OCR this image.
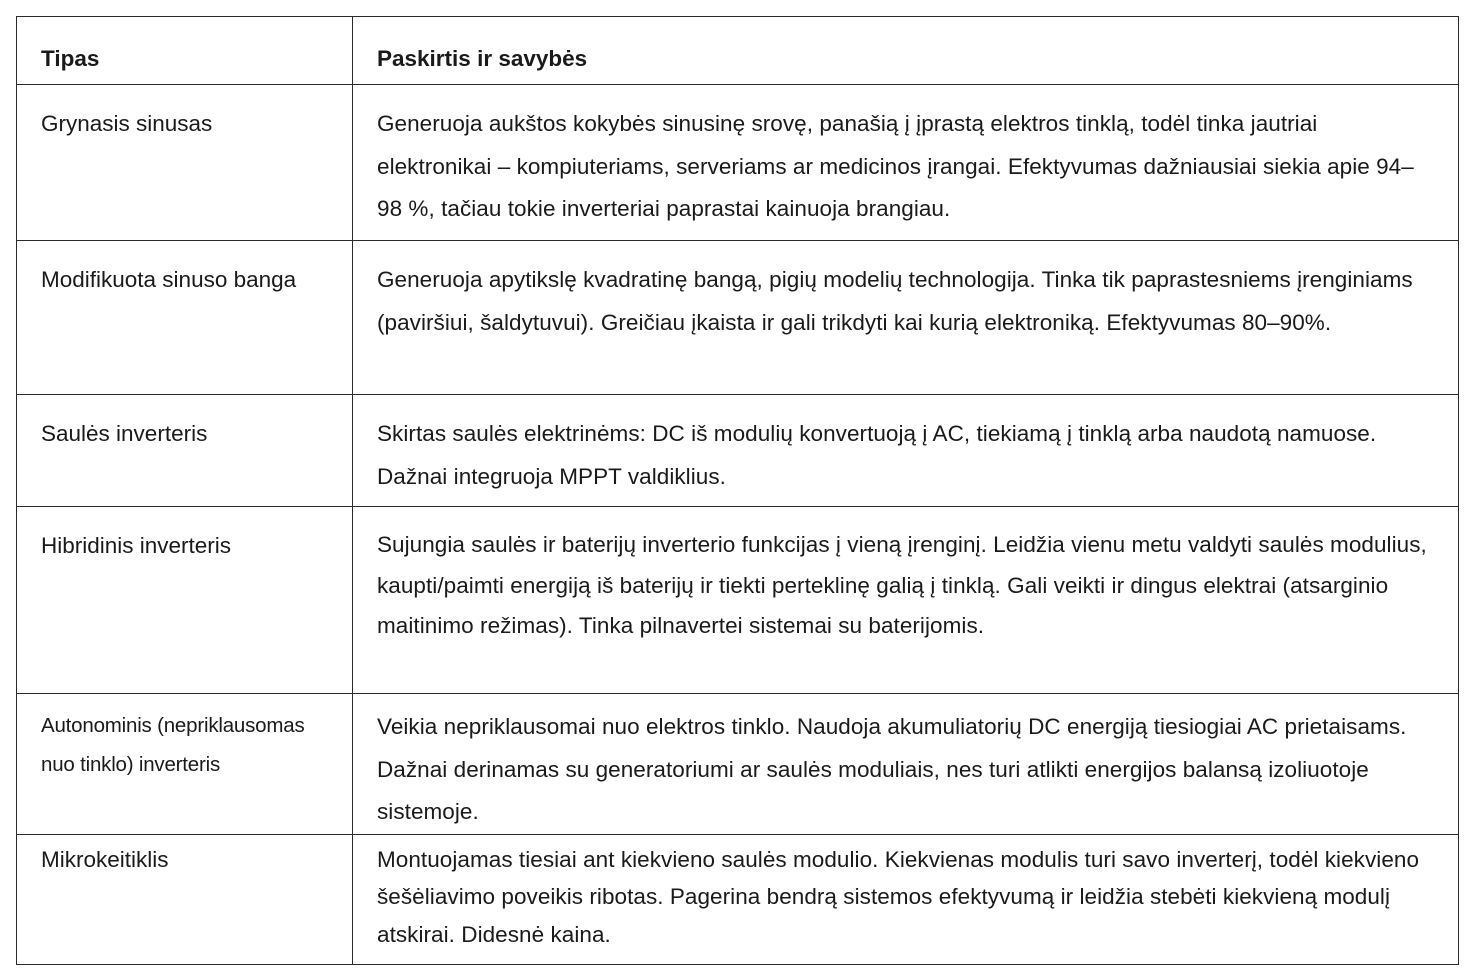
Tipas	Paskirtis ir savybės

Grynasis sinusas	Generuoja aukštos kokybės sinusinę srovę, panašią į įprastą elektros tinklą, todėl tinka jautriai elektronikai – kompiuteriams, serveriams ar medicinos įrangai. Efektyvumas dažniausiai siekia apie 94–98 %, tačiau tokie inverteriai paprastai kainuoja brangiau.

Modifikuota sinuso banga	Generuoja apytikslę kvadratinę bangą, pigių modelių technologija. Tinka tik paprastesniems įrenginiams (paviršiui, šaldytuvui). Greičiau įkaista ir gali trikdyti kai kurią elektroniką. Efektyvumas 80–90%.

Saulės inverteris	Skirtas saulės elektrinėms: DC iš modulių konvertuoją į AC, tiekiamą į tinklą arba naudotą namuose. Dažnai integruoja MPPT valdiklius.

Hibridinis inverteris	Sujungia saulės ir baterijų inverterio funkcijas į vieną įrenginį. Leidžia vienu metu valdyti saulės modulius, kaupti/paimti energiją iš baterijų ir tiekti perteklinę galią į tinklą. Gali veikti ir dingus elektrai (atsarginio maitinimo režimas). Tinka pilnavertei sistemai su baterijomis.

Autonominis (nepriklausomas nuo tinklo) inverteris	Veikia nepriklausomai nuo elektros tinklo. Naudoja akumuliatorių DC energiją tiesiogiai AC prietaisams. Dažnai derinamas su generatoriumi ar saulės moduliais, nes turi atlikti energijos balansą izoliuotoje sistemoje.

Mikrokeitiklis	Montuojamas tiesiai ant kiekvieno saulės modulio. Kiekvienas modulis turi savo inverterį, todėl kiekvieno šešėliavimo poveikis ribotas. Pagerina bendrą sistemos efektyvumą ir leidžia stebėti kiekvieną modulį atskirai. Didesnė kaina.
